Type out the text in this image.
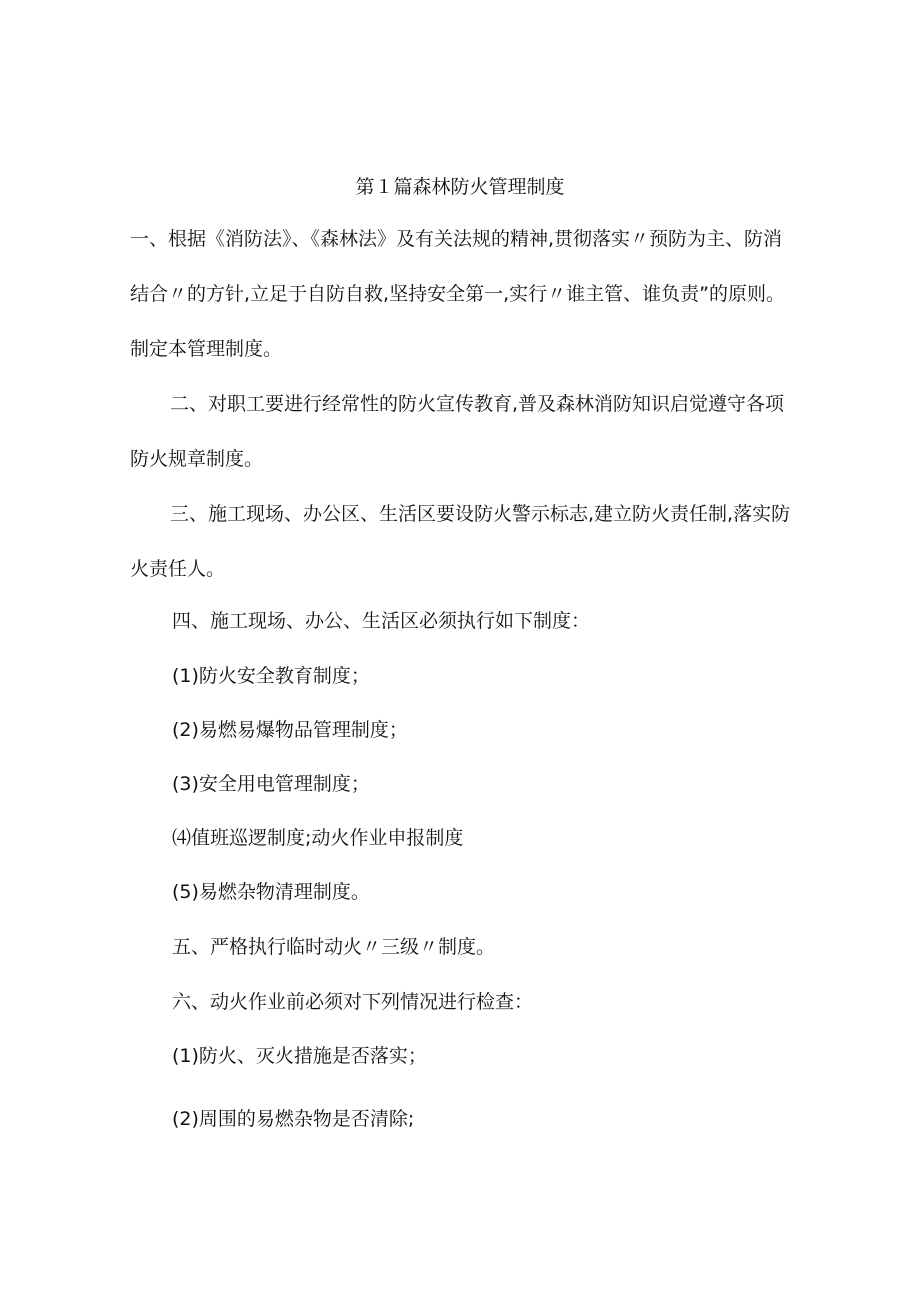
第１篇森林防火管理制度

一、根据《消防法》、《森林法》及有关法规的精神,贯彻落实〃预防为主、防消结合〃的方针,立足于自防自救,坚持安全第一,实行〃谁主管、谁负责”的原则。制定本管理制度。

二、对职工要进行经常性的防火宣传教育,普及森林消防知识启觉遵守各项防火规章制度。

三、施工现场、办公区、生活区要设防火警示标志,建立防火责任制,落实防火责任人。

四、施工现场、办公、生活区必须执行如下制度：
(1)防火安全教育制度；
(2)易燃易爆物品管理制度；
(3)安全用电管理制度；
⑷值班巡逻制度;动火作业申报制度
(5)易燃杂物清理制度。
五、严格执行临时动火〃三级〃制度。
六、动火作业前必须对下列情况进行检查：
(1)防火、灭火措施是否落实；
(2)周围的易燃杂物是否清除;
